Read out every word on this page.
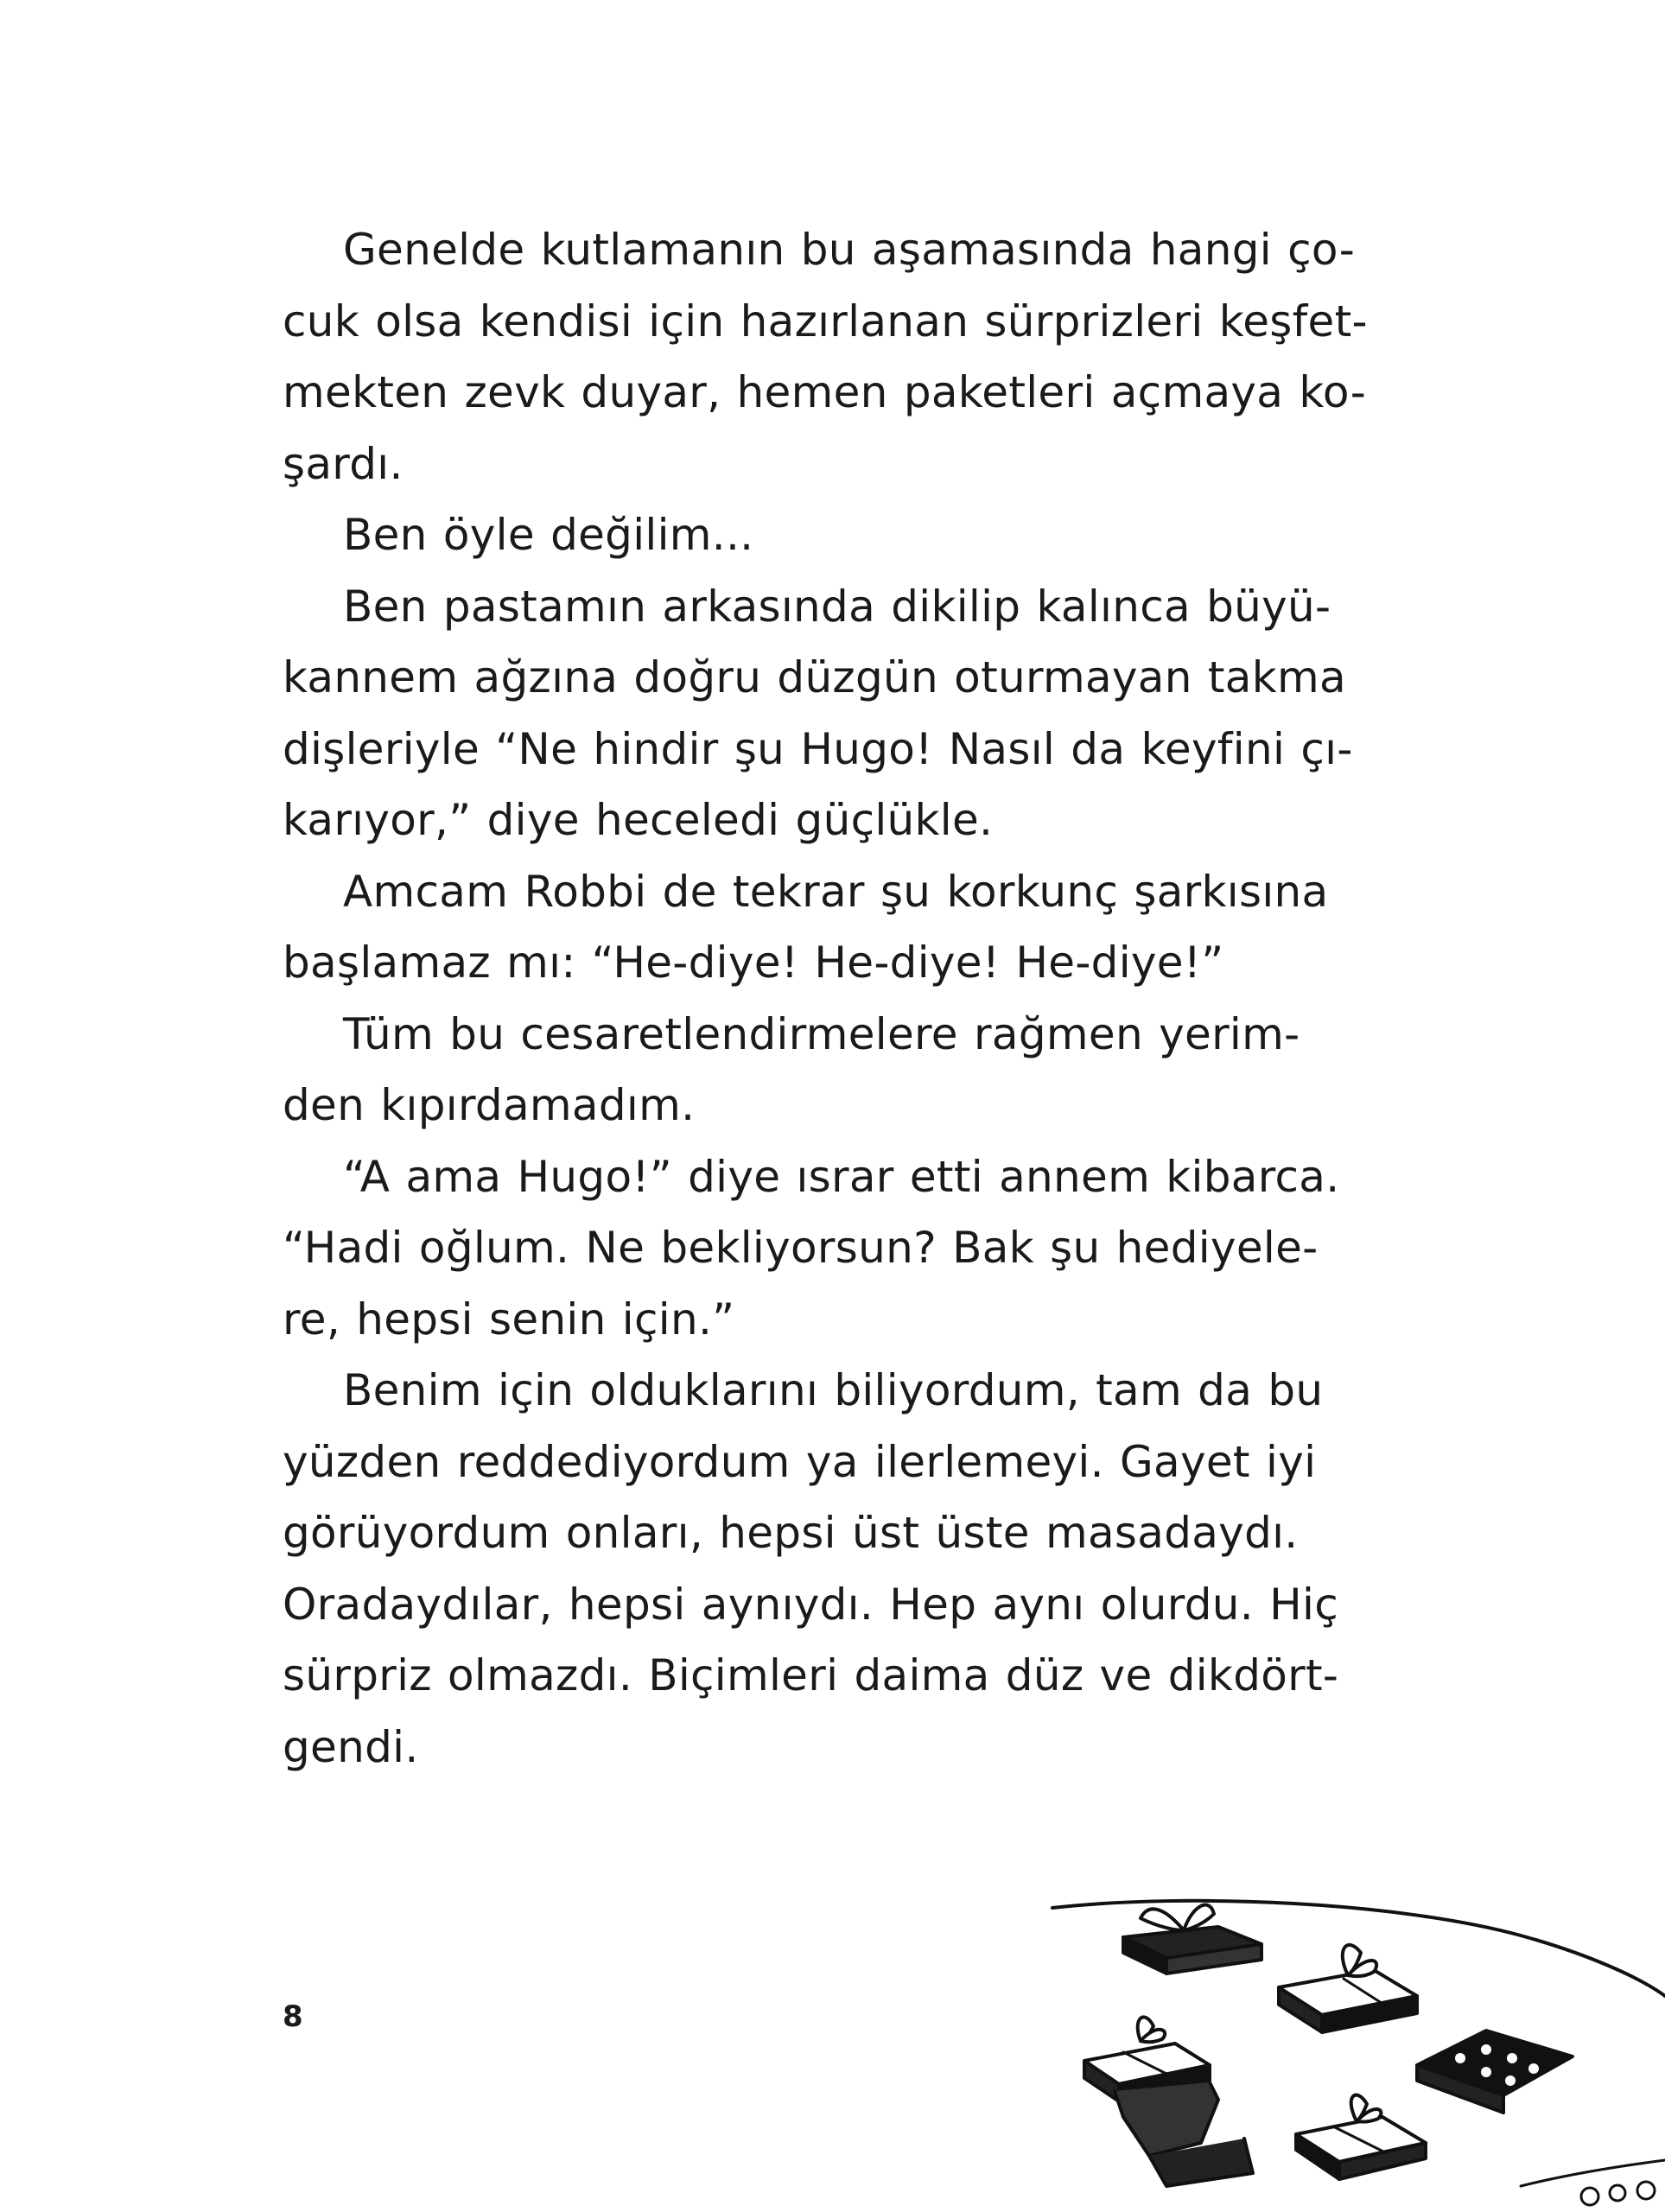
Genelde kutlamanın bu aşamasında hangi ço-
cuk olsa kendisi için hazırlanan sürprizleri keşfet-
mekten zevk duyar, hemen paketleri açmaya ko-
şardı.

Ben öyle değilim...

Ben pastamın arkasında dikilip kalınca büyü-
kannem ağzına doğru düzgün oturmayan takma
dişleriyle “Ne hindir şu Hugo! Nasıl da keyfini çı-
karıyor,” diye heceledi güçlükle.

Amcam Robbi de tekrar şu korkunç şarkısına
başlamaz mı: “He-diye! He-diye! He-diye!”

Tüm bu cesaretlendirmelere rağmen yerim-
den kıpırdamadım.

“A ama Hugo!” diye ısrar etti annem kibarca.
“Hadi oğlum. Ne bekliyorsun? Bak şu hediyele-
re, hepsi senin için.”

Benim için olduklarını biliyordum, tam da bu
yüzden reddediyordum ya ilerlemeyi. Gayet iyi
görüyordum onları, hepsi üst üste masadaydı.
Oradaydılar, hepsi aynıydı. Hep aynı olurdu. Hiç
sürpriz olmazdı. Biçimleri daima düz ve dikdört-
gendi.

8
